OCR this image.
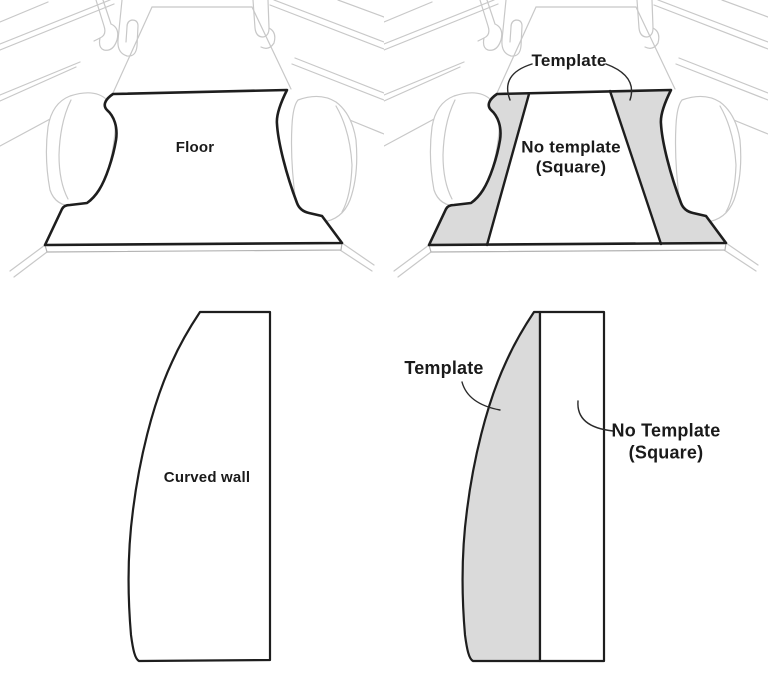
Floor
Template
No template
(Square)
Curved wall
Template
No Template
(Square)
